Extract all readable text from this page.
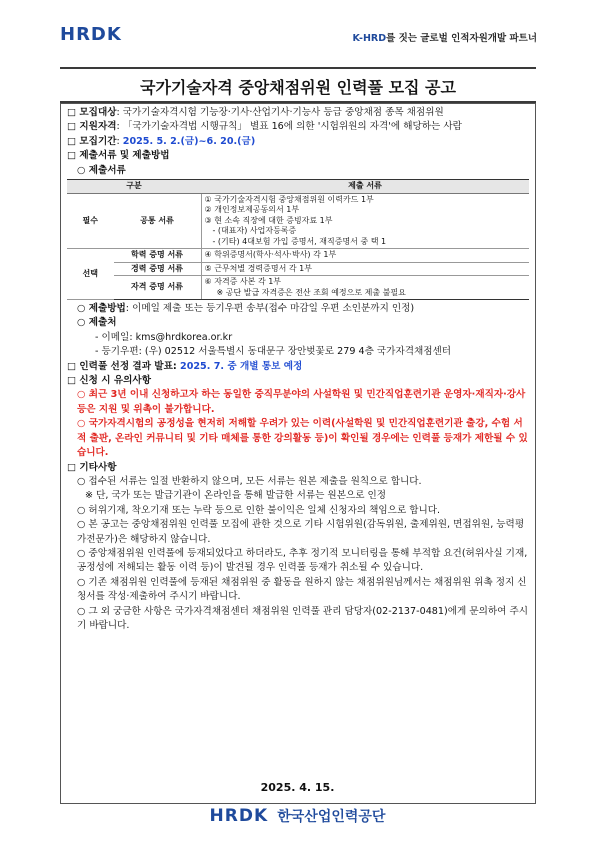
HRDK	K-HRD를 짓는 글로벌 인적자원개발 파트너
국가기술자격 중앙채점위원 인력풀 모집 공고
□ 모집대상: 국가기술자격시험 기능장·기사·산업기사·기능사 등급 중앙채점 종목 채점위원
□ 지원자격: 「국가기술자격법 시행규칙」 별표 16에 의한 '시험위원의 자격'에 해당하는 사람
□ 모집기간: 2025. 5. 2.(금)~6. 20.(금)
□ 제출서류 및 제출방법
○ 제출서류
구분		제출 서류
필수	공통 서류	① 국가기술자격시험 중앙채점위원 이력카드 1부
② 개인정보제공동의서 1부
③ 현 소속 직장에 대한 증빙자료 1부
- (대표자) 사업자등록증
- (기타) 4대보험 가입 증명서, 재직증명서 중 택 1

선택	학력 증명 서류	④ 학위증명서(학사·석사·박사) 각 1부
	경력 증명 서류	⑤ 근무처별 경력증명서 각 1부
	자격 증명 서류	⑥ 자격증 사본 각 1부
※ 공단 발급 자격증은 전산 조회 예정으로 제출 불필요
○ 제출방법: 이메일 제출 또는 등기우편 송부(접수 마감일 우편 소인분까지 인정)
○ 제출처
- 이메일: kms@hrdkorea.or.kr
- 등기우편: (우) 02512 서울특별시 동대문구 장안벚꽃로 279 4층 국가자격채점센터
□ 인력풀 선정 결과 발표: 2025. 7. 중 개별 통보 예정
□ 신청 시 유의사항
○ 최근 3년 이내 신청하고자 하는 동일한 중직무분야의 사설학원 및 민간직업훈련기관 운영자·재직자·강사 등은 지원 및 위촉이 불가합니다.
○ 국가자격시험의 공정성을 현저히 저해할 우려가 있는 이력(사설학원 및 민간직업훈련기관 출강, 수험 서적 출판, 온라인 커뮤니티 및 기타 매체를 통한 강의활동 등)이 확인될 경우에는 인력풀 등재가 제한될 수 있습니다.
□ 기타사항
○ 접수된 서류는 일절 반환하지 않으며, 모든 서류는 원본 제출을 원칙으로 합니다.
※ 단, 국가 또는 발급기관이 온라인을 통해 발급한 서류는 원본으로 인정
○ 허위기재, 착오기재 또는 누락 등으로 인한 불이익은 일체 신청자의 책임으로 합니다.
○ 본 공고는 중앙채점위원 인력풀 모집에 관한 것으로 기타 시험위원(감독위원, 출제위원, 면접위원, 능력평가전문가)은 해당하지 않습니다.
○ 중앙채점위원 인력풀에 등재되었다고 하더라도, 추후 정기적 모니터링을 통해 부적합 요건(허위사실 기재, 공정성에 저해되는 활동 이력 등)이 발견될 경우 인력풀 등재가 취소될 수 있습니다.
○ 기존 채점위원 인력풀에 등재된 채점위원 중 활동을 원하지 않는 채점위원님께서는 채점위원 위촉 정지 신청서를 작성·제출하여 주시기 바랍니다.
○ 그 외 궁금한 사항은 국가자격채점센터 채점위원 인력풀 관리 담당자(02-2137-0481)에게 문의하여 주시기 바랍니다.
2025. 4. 15.
HRDK 한국산업인력공단
